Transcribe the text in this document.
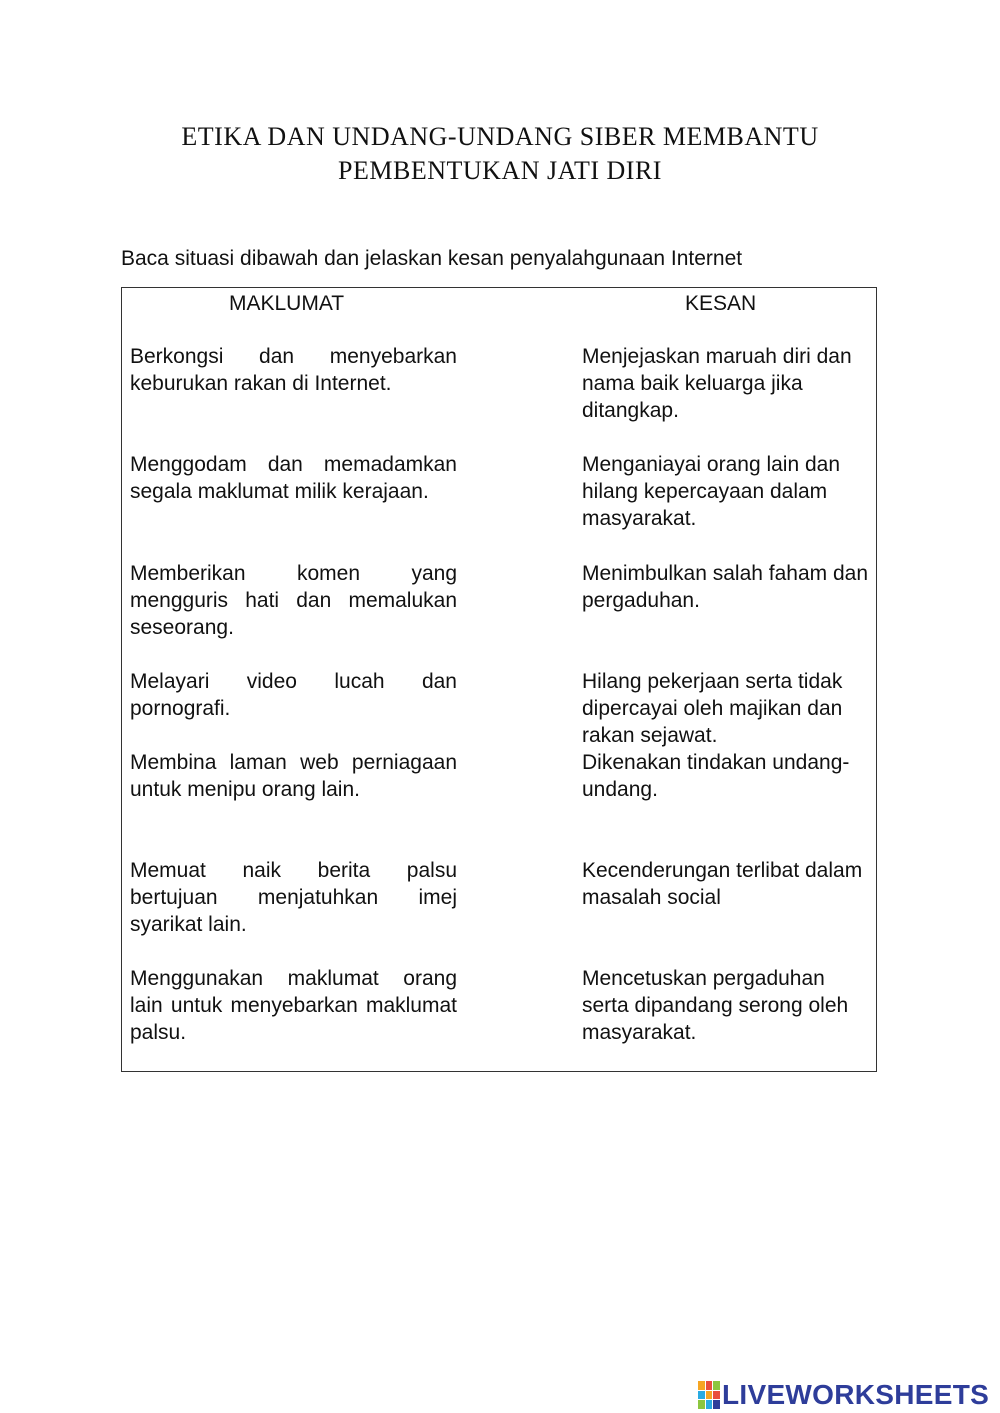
ETIKA DAN UNDANG-UNDANG SIBER MEMBANTU
PEMBENTUKAN JATI DIRI
Baca situasi dibawah dan jelaskan kesan penyalahgunaan Internet
MAKLUMAT	KESAN
Berkongsi dan menyebarkan keburukan rakan di Internet.
Menggodam dan memadamkan segala maklumat milik kerajaan.
Memberikan komen yang mengguris hati dan memalukan seseorang.
Melayari video lucah dan pornografi.
Membina laman web perniagaan untuk menipu orang lain.
Memuat naik berita palsu bertujuan menjatuhkan imej syarikat lain.
Menggunakan maklumat orang lain untuk menyebarkan maklumat palsu.
Menjejaskan maruah diri dan nama baik keluarga jika ditangkap.
Menganiayai orang lain dan hilang kepercayaan dalam masyarakat.
Menimbulkan salah faham dan pergaduhan.
Hilang pekerjaan serta tidak dipercayai oleh majikan dan rakan sejawat.
Dikenakan tindakan undang-undang.
Kecenderungan terlibat dalam masalah social
Mencetuskan pergaduhan serta dipandang serong oleh masyarakat.
LIVEWORKSHEETS
